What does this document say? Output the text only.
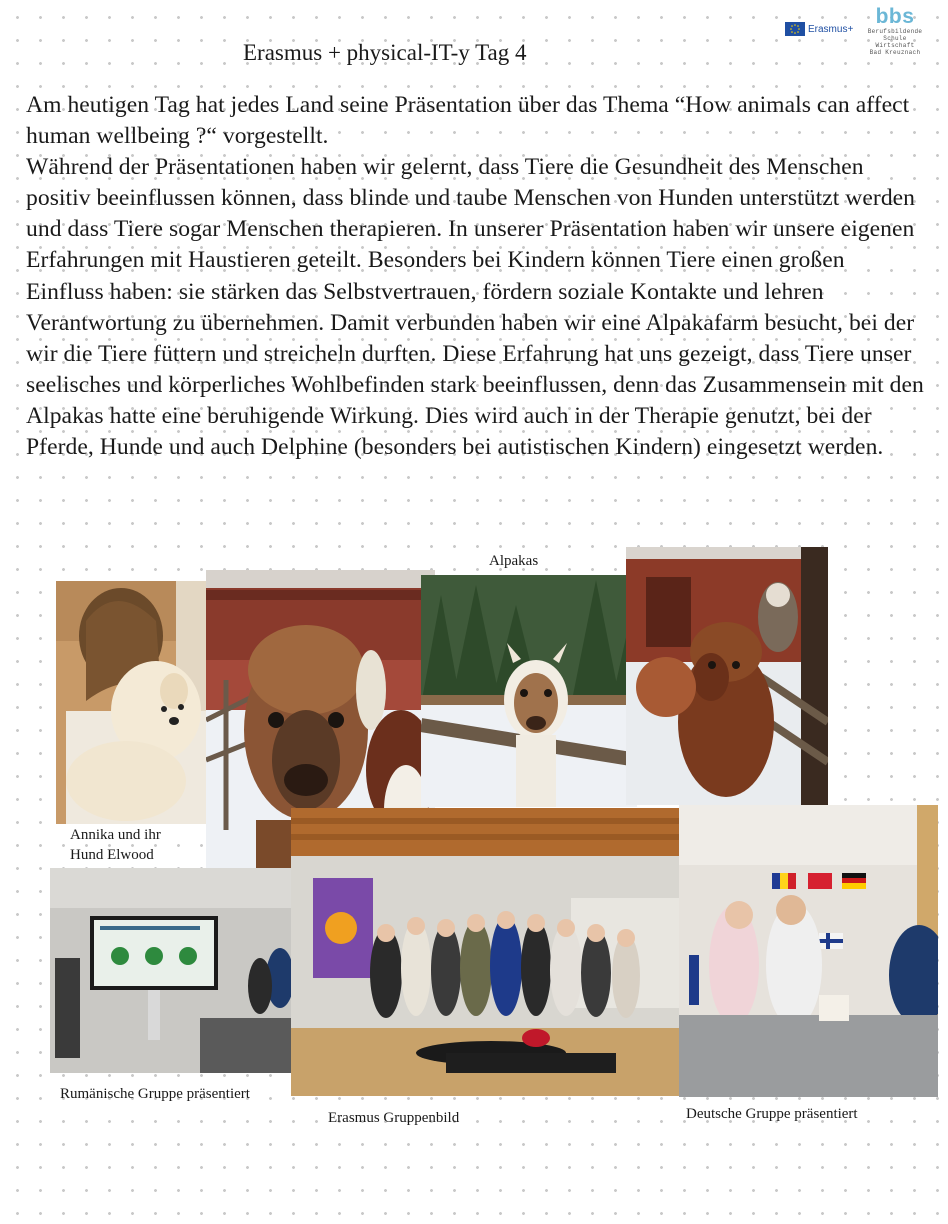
Erasmus+
bbs
Berufsbildende Schule
Wirtschaft
Bad Kreuznach
Erasmus + physical-IT-y Tag 4

Am heutigen Tag hat jedes Land seine Präsentation über das Thema “How animals can affect human wellbeing ?“ vorgestellt.

Während der Präsentationen haben wir gelernt, dass Tiere die Gesundheit des Menschen positiv beeinflussen können, dass blinde und taube Menschen von Hunden unterstützt werden und dass Tiere sogar Menschen therapieren. In unserer Präsentation haben wir unsere eigenen Erfahrungen mit Haustieren geteilt. Besonders bei Kindern können Tiere einen großen Einfluss haben: sie stärken das Selbstvertrauen, fördern soziale Kontakte und lehren Verantwortung zu übernehmen. Damit verbunden haben wir eine Alpakafarm besucht, bei der wir die Tiere füttern und streicheln durften. Diese Erfahrung hat uns gezeigt, dass Tiere unser seelisches und körperliches Wohlbefinden stark beeinflussen, denn das Zusammensein mit den Alpakas hatte eine beruhigende Wirkung. Dies wird auch in der Therapie genutzt, bei der Pferde, Hunde und auch Delphine (besonders bei autistischen Kindern) eingesetzt werden.

Alpakas
Annika und ihr
Hund Elwood
Rumänische Gruppe präsentiert
Erasmus Gruppenbild	Deutsche Gruppe präsentiert
